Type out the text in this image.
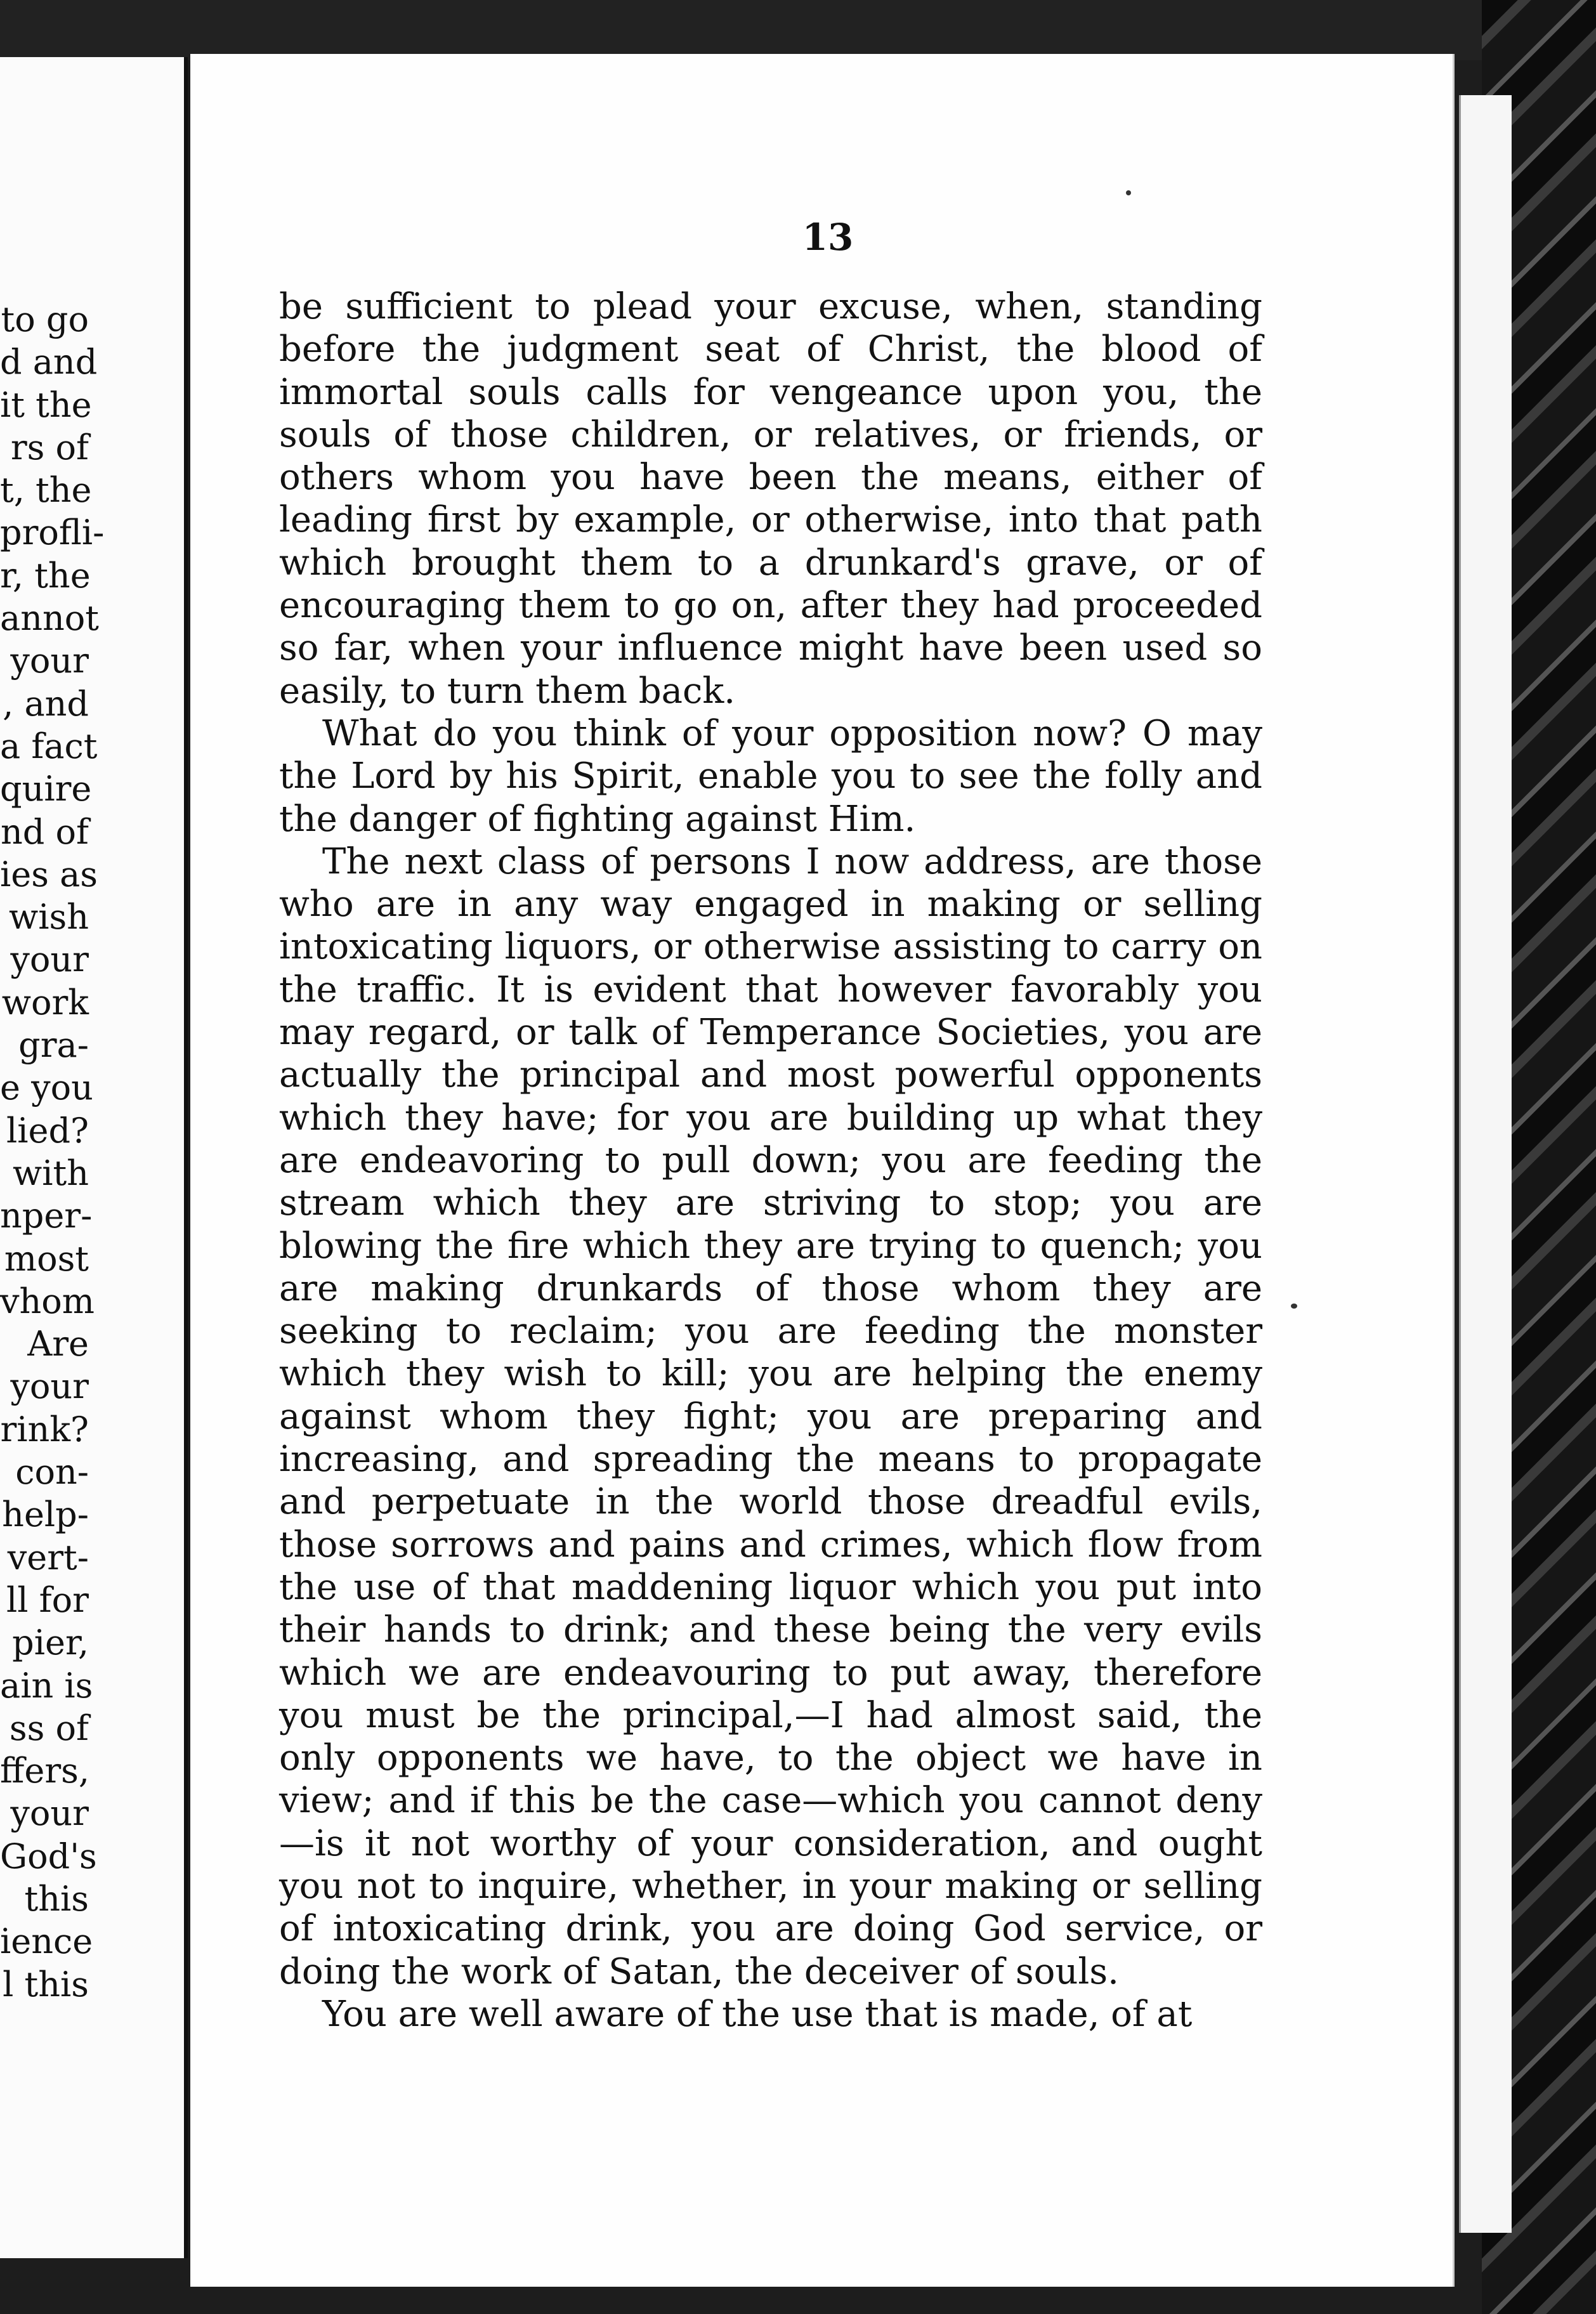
to go
d and
it the
rs of
t, the
profli-
r, the
annot
your
, and
a fact
quire
nd of
ies as
wish
your
work
gra-
e you
lied?
with
nper-
most
vhom
Are
your
rink?
con-
help-
vert-
ll for
pier,
ain is
ss of
ffers,
your
God's
this
ience
l this
13

be sufficient to plead your excuse, when, standing before the judgment seat of Christ, the blood of immortal souls calls for vengeance upon you, the souls of those children, or relatives, or friends, or others whom you have been the means, either of leading first by example, or otherwise, into that path which brought them to a drunkard's grave, or of encouraging them to go on, after they had proceeded so far, when your influence might have been used so easily, to turn them back.

What do you think of your opposition now? O may the Lord by his Spirit, enable you to see the folly and the danger of fighting against Him.

The next class of persons I now address, are those who are in any way engaged in making or selling intoxicating liquors, or otherwise assisting to carry on the traffic. It is evident that however favorably you may regard, or talk of Temperance Societies, you are actually the principal and most powerful opponents which they have; for you are building up what they are endeavoring to pull down; you are feeding the stream which they are striving to stop; you are blowing the fire which they are trying to quench; you are making drunkards of those whom they are seeking to reclaim; you are feeding the monster which they wish to kill; you are helping the enemy against whom they fight; you are preparing and increasing, and spreading the means to propagate and perpetuate in the world those dreadful evils, those sorrows and pains and crimes, which flow from the use of that maddening liquor which you put into their hands to drink; and these being the very evils which we are endeavouring to put away, therefore you must be the principal,—I had almost said, the only opponents we have, to the object we have in view; and if this be the case—which you cannot deny —is it not worthy of your consideration, and ought you not to inquire, whether, in your making or selling of intoxicating drink, you are doing God service, or doing the work of Satan, the deceiver of souls.

You are well aware of the use that is made, of at
